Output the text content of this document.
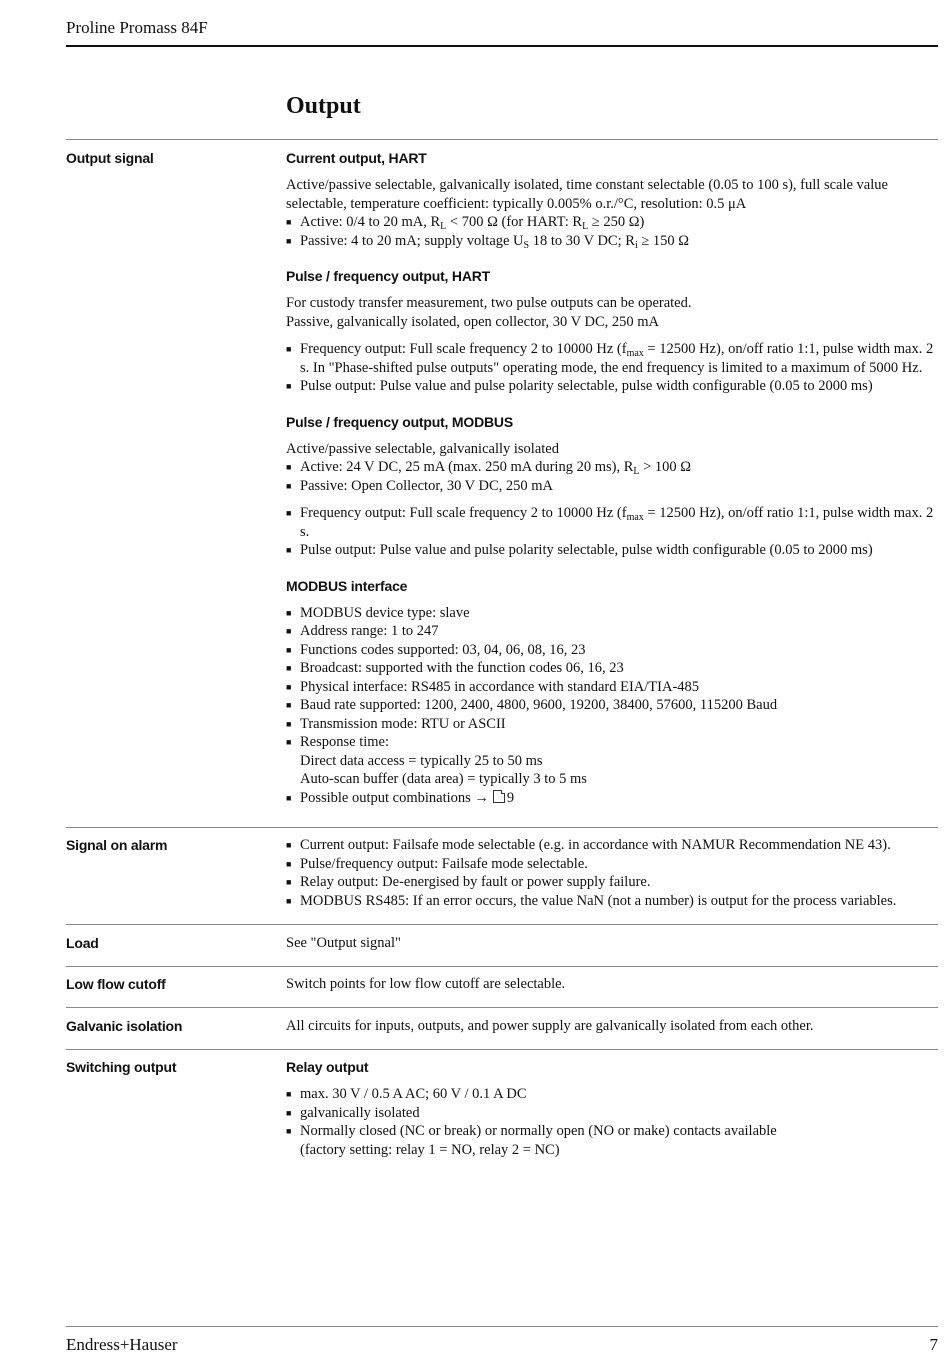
Proline Promass 84F
Output
Output signal	Current output, HART

Active/passive selectable, galvanically isolated, time constant selectable (0.05 to 100 s), full scale value selectable, temperature coefficient: typically 0.005% o.r./°C, resolution: 0.5 μA

■ Active: 0/4 to 20 mA, $R_L < 700$ Ω (for HART: $R_L \ge 250$ Ω)
■ Passive: 4 to 20 mA; supply voltage $U_S$ 18 to 30 V DC; $R_i \ge 150$ Ω
Pulse / frequency output, HART

For custody transfer measurement, two pulse outputs can be operated.

Passive, galvanically isolated, open collector, 30 V DC, 250 mA

■ Frequency output: Full scale frequency 2 to 10000 Hz ($f_{max} = 12500$ Hz), on/off ratio 1:1, pulse width max. 2 s. In "Phase-shifted pulse outputs" operating mode, the end frequency is limited to a maximum of 5000 Hz.
■ Pulse output: Pulse value and pulse polarity selectable, pulse width configurable (0.05 to 2000 ms)
Pulse / frequency output, MODBUS

Active/passive selectable, galvanically isolated

■ Active: 24 V DC, 25 mA (max. 250 mA during 20 ms), $R_L > 100$ Ω
■ Passive: Open Collector, 30 V DC, 250 mA
■ Frequency output: Full scale frequency 2 to 10000 Hz ($f_{max} = 12500$ Hz), on/off ratio 1:1, pulse width max. 2 s.
■ Pulse output: Pulse value and pulse polarity selectable, pulse width configurable (0.05 to 2000 ms)
MODBUS interface
■ MODBUS device type: slave
■ Address range: 1 to 247
■ Functions codes supported: 03, 04, 06, 08, 16, 23
■ Broadcast: supported with the function codes 06, 16, 23
■ Physical interface: RS485 in accordance with standard EIA/TIA-485
■ Baud rate supported: 1200, 2400, 4800, 9600, 19200, 38400, 57600, 115200 Baud
■ Transmission mode: RTU or ASCII
■ Response time:
Direct data access = typically 25 to 50 ms
Auto-scan buffer (data area) = typically 3 to 5 ms
■ Possible output combinations → 9
Signal on alarm
■	Current output: Failsafe mode selectable (e.g. in accordance with NAMUR Recommendation NE 43).
■ Pulse/frequency output: Failsafe mode selectable.
■ Relay output: De-energised by fault or power supply failure.
■ MODBUS RS485: If an error occurs, the value NaN (not a number) is output for the process variables.
Load	See "Output signal"
Low flow cutoff	Switch points for low flow cutoff are selectable.
Galvanic isolation	All circuits for inputs, outputs, and power supply are galvanically isolated from each other.
Switching output	Relay output
■ max. 30 V / 0.5 A AC; 60 V / 0.1 A DC
■ galvanically isolated
■ Normally closed (NC or break) or normally open (NO or make) contacts available
(factory setting: relay 1 = NO, relay 2 = NC)
Endress+Hauser	7
